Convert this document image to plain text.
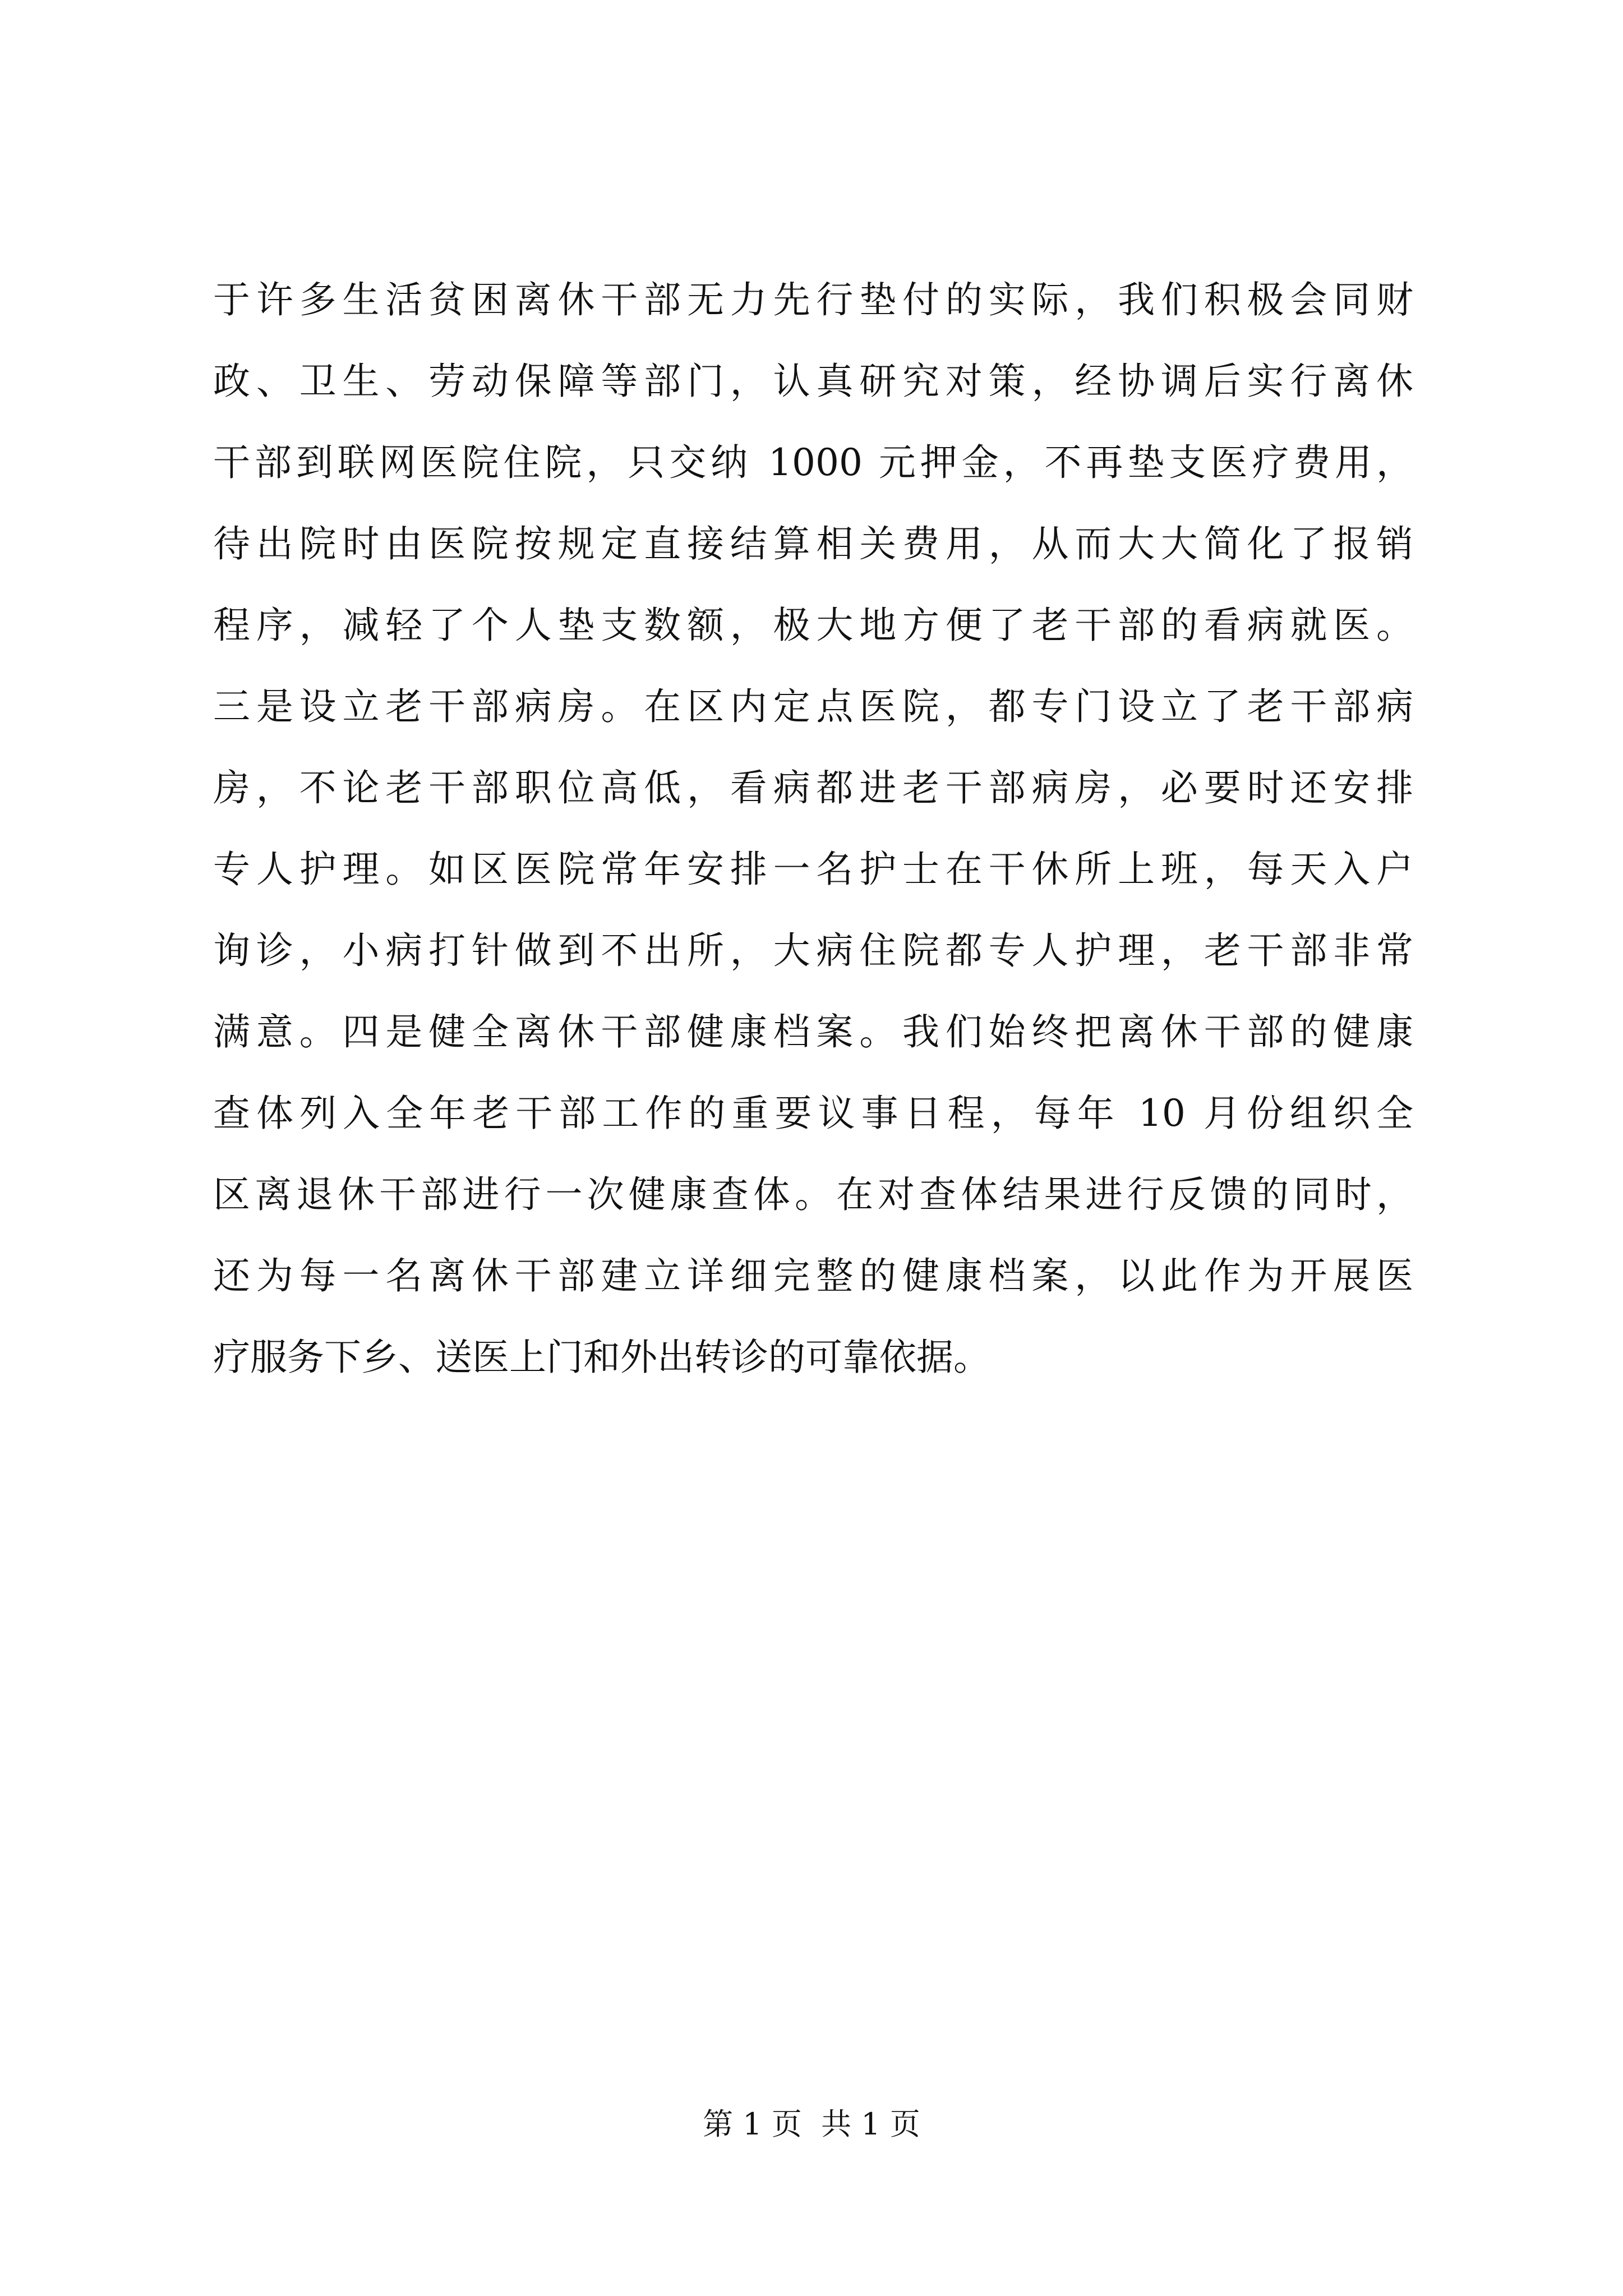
于许多生活贫困离休干部无力先行垫付的实际，我们积极会同财
政、卫生、劳动保障等部门，认真研究对策，经协调后实行离休
干部到联网医院住院，只交纳 1000 元押金，不再垫支医疗费用，
待出院时由医院按规定直接结算相关费用，从而大大简化了报销
程序，减轻了个人垫支数额，极大地方便了老干部的看病就医。
三是设立老干部病房。在区内定点医院，都专门设立了老干部病
房，不论老干部职位高低，看病都进老干部病房，必要时还安排
专人护理。如区医院常年安排一名护士在干休所上班，每天入户
询诊，小病打针做到不出所，大病住院都专人护理，老干部非常
满意。四是健全离休干部健康档案。我们始终把离休干部的健康
查体列入全年老干部工作的重要议事日程，每年 10 月份组织全
区离退休干部进行一次健康查体。在对查体结果进行反馈的同时，
还为每一名离休干部建立详细完整的健康档案，以此作为开展医
疗服务下乡、送医上门和外出转诊的可靠依据。
第 1 页  共 1 页
